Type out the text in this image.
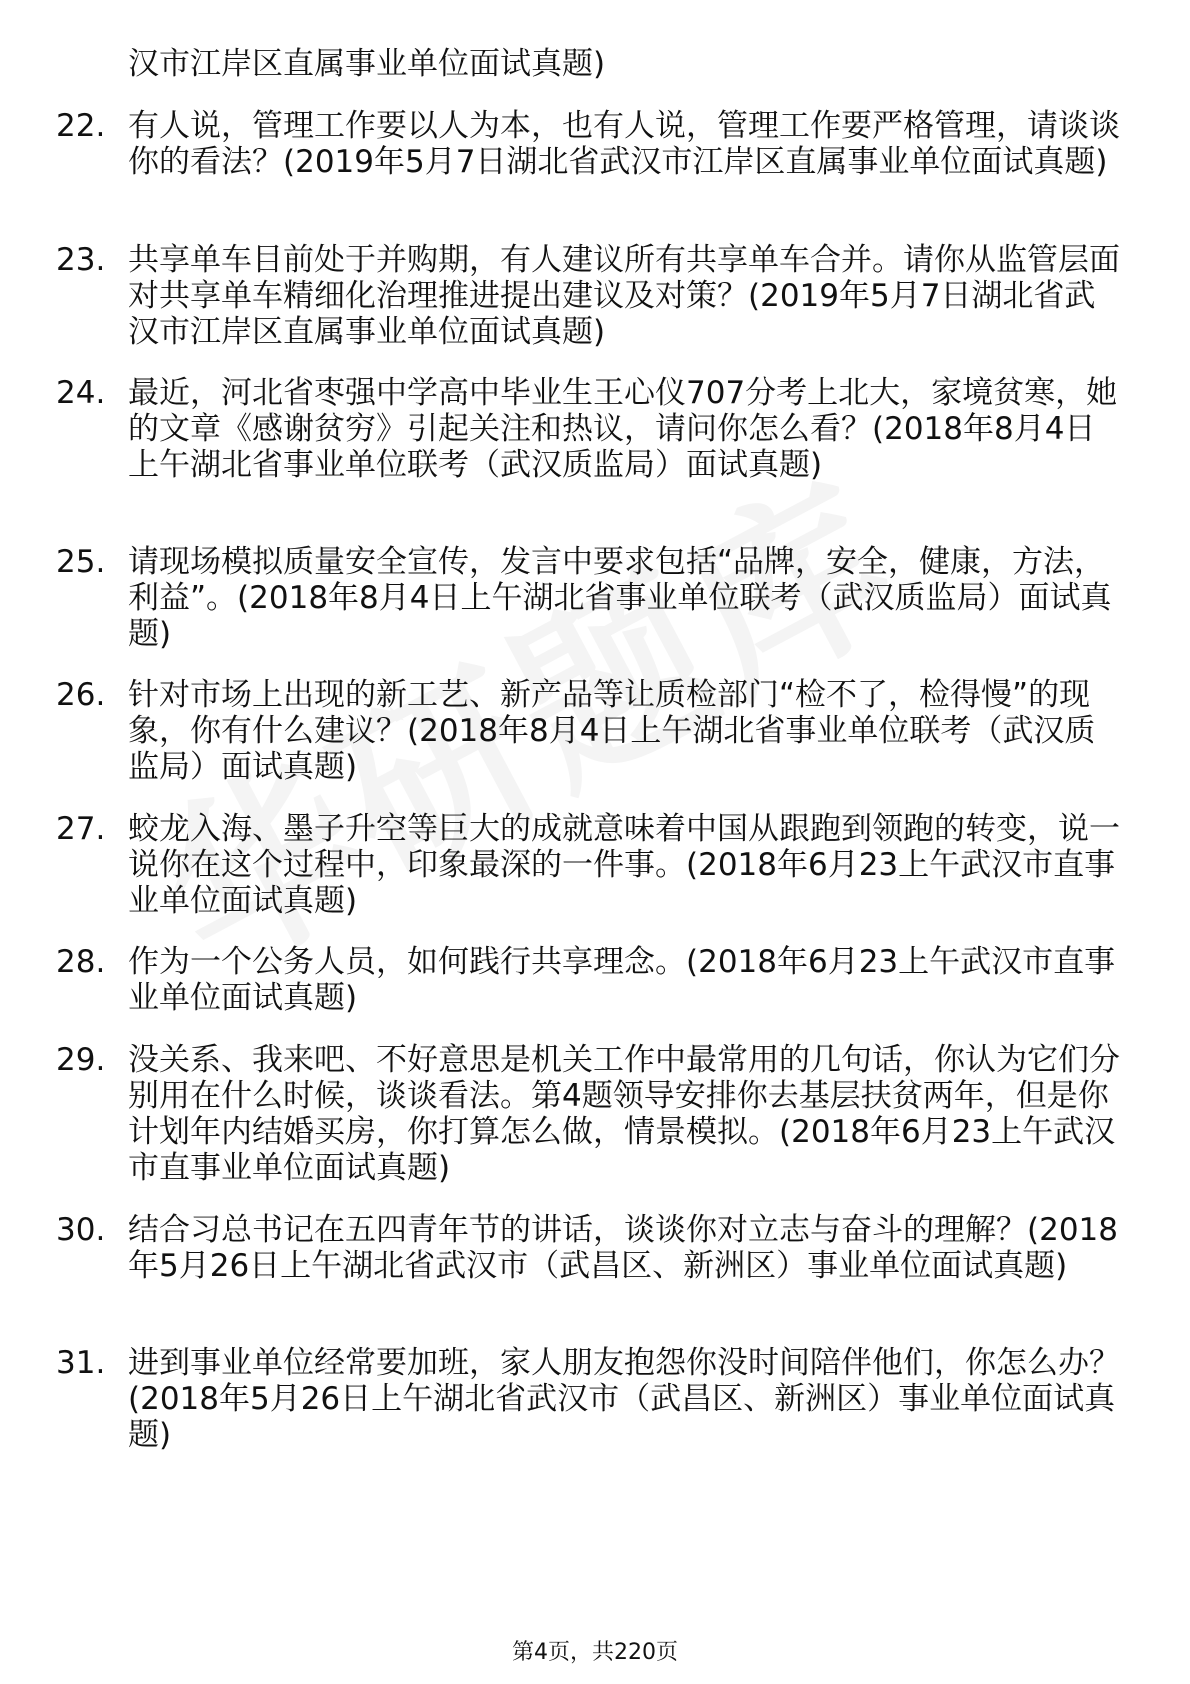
汉市江岸区直属事业单位面试真题)
22. 有人说，管理工作要以人为本，也有人说，管理工作要严格管理，请谈谈你的看法？(2019年5月7日湖北省武汉市江岸区直属事业单位面试真题)
23. 共享单车目前处于并购期，有人建议所有共享单车合并。请你从监管层面对共享单车精细化治理推进提出建议及对策？(2019年5月7日湖北省武汉市江岸区直属事业单位面试真题)
24. 最近，河北省枣强中学高中毕业生王心仪707分考上北大，家境贫寒，她的文章《感谢贫穷》引起关注和热议，请问你怎么看？(2018年8月4日上午湖北省事业单位联考（武汉质监局）面试真题)
25. 请现场模拟质量安全宣传，发言中要求包括“品牌，安全，健康，方法，利益”。(2018年8月4日上午湖北省事业单位联考（武汉质监局）面试真题)
26. 针对市场上出现的新工艺、新产品等让质检部门“检不了，检得慢”的现象，你有什么建议？(2018年8月4日上午湖北省事业单位联考（武汉质监局）面试真题)
27. 蛟龙入海、墨子升空等巨大的成就意味着中国从跟跑到领跑的转变，说一说你在这个过程中，印象最深的一件事。(2018年6月23上午武汉市直事业单位面试真题)
28. 作为一个公务人员，如何践行共享理念。(2018年6月23上午武汉市直事业单位面试真题)
29. 没关系、我来吧、不好意思是机关工作中最常用的几句话，你认为它们分别用在什么时候，谈谈看法。第4题领导安排你去基层扶贫两年，但是你计划年内结婚买房，你打算怎么做，情景模拟。(2018年6月23上午武汉市直事业单位面试真题)
30. 结合习总书记在五四青年节的讲话，谈谈你对立志与奋斗的理解？(2018年5月26日上午湖北省武汉市（武昌区、新洲区）事业单位面试真题)
31. 进到事业单位经常要加班，家人朋友抱怨你没时间陪伴他们，你怎么办？(2018年5月26日上午湖北省武汉市（武昌区、新洲区）事业单位面试真题)
第4页，共220页
